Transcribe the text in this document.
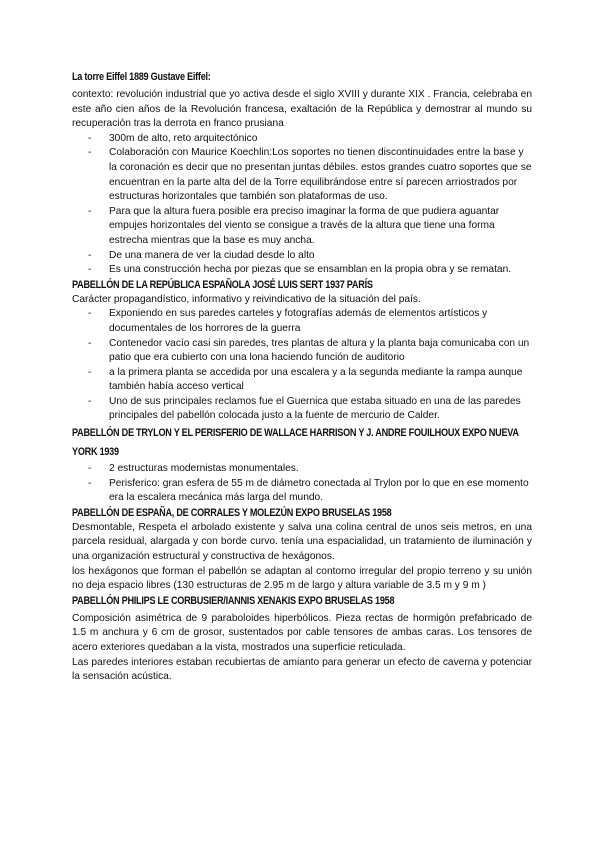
La torre Eiffel 1889 Gustave Eiffel:

contexto: revolución industrial que yo activa desde el siglo XVIII y durante XIX . Francia, celebraba en este año cien años de la Revolución francesa, exaltación de la República y demostrar al mundo su recuperación tras la derrota en franco prusiana

- 300m de alto, reto arquitectónico
- Colaboración con Maurice Koechlin:Los soportes no tienen discontinuidades entre la base y la coronación es decir que no presentan juntas débiles. estos grandes cuatro soportes que se encuentran en la parte alta del de la Torre equilibrándose entre sí parecen arriostrados por estructuras horizontales que también son plataformas de uso.
- Para que la altura fuera posible era preciso imaginar la forma de que pudiera aguantar empujes horizontales del viento se consigue a través de la altura que tiene una forma estrecha mientras que la base es muy ancha.
- De una manera de ver la ciudad desde lo alto
- Es una construcción hecha por piezas que se ensamblan en la propia obra y se rematan.
PABELLÓN DE LA REPÚBLICA ESPAÑOLA JOSÉ LUIS SERT 1937 PARÍS

Carácter propagandístico, informativo y reivindicativo de la situación del país.

- Exponiendo en sus paredes carteles y fotografías además de elementos artísticos y documentales de los horrores de la guerra
- Contenedor vacío casi sin paredes, tres plantas de altura y la planta baja comunicaba con un patio que era cubierto con una lona haciendo función de auditorio
- a la primera planta se accedida por una escalera y a la segunda mediante la rampa aunque también había acceso vertical
- Uno de sus principales reclamos fue el Guernica que estaba situado en una de las paredes principales del pabellón colocada justo a la fuente de mercurio de Calder.
PABELLÓN DE TRYLON Y EL PERISFERIO DE WALLACE HARRISON Y J. ANDRE FOUILHOUX EXPO NUEVA YORK 1939
- 2 estructuras modernistas monumentales.
- Perisferico: gran esfera de 55 m de diámetro conectada al Trylon por lo que en ese momento era la escalera mecánica más larga del mundo.
PABELLÓN DE ESPAÑA, DE CORRALES Y MOLEZÚN EXPO BRUSELAS 1958

Desmontable, Respeta el arbolado existente y salva una colina central de unos seis metros, en una parcela residual, alargada y con borde curvo. tenía una espacialidad, un tratamiento de iluminación y una organización estructural y constructiva de hexágonos.

los hexágonos que forman el pabellón se adaptan al contorno irregular del propio terreno y su unión no deja espacio libres (130 estructuras de 2.95 m de largo y altura variable de 3.5 m y 9 m )

PABELLÓN PHILIPS LE CORBUSIER/IANNIS XENAKIS EXPO BRUSELAS 1958

Composición asimétrica de 9 paraboloides hiperbólicos. Pieza rectas de hormigón prefabricado de 1.5 m anchura y 6 cm de grosor, sustentados por cable tensores de ambas caras. Los tensores de acero exteriores quedaban a la vista, mostrados una superficie reticulada.

Las paredes interiores estaban recubiertas de amianto para generar un efecto de caverna y potenciar la sensación acústica.
